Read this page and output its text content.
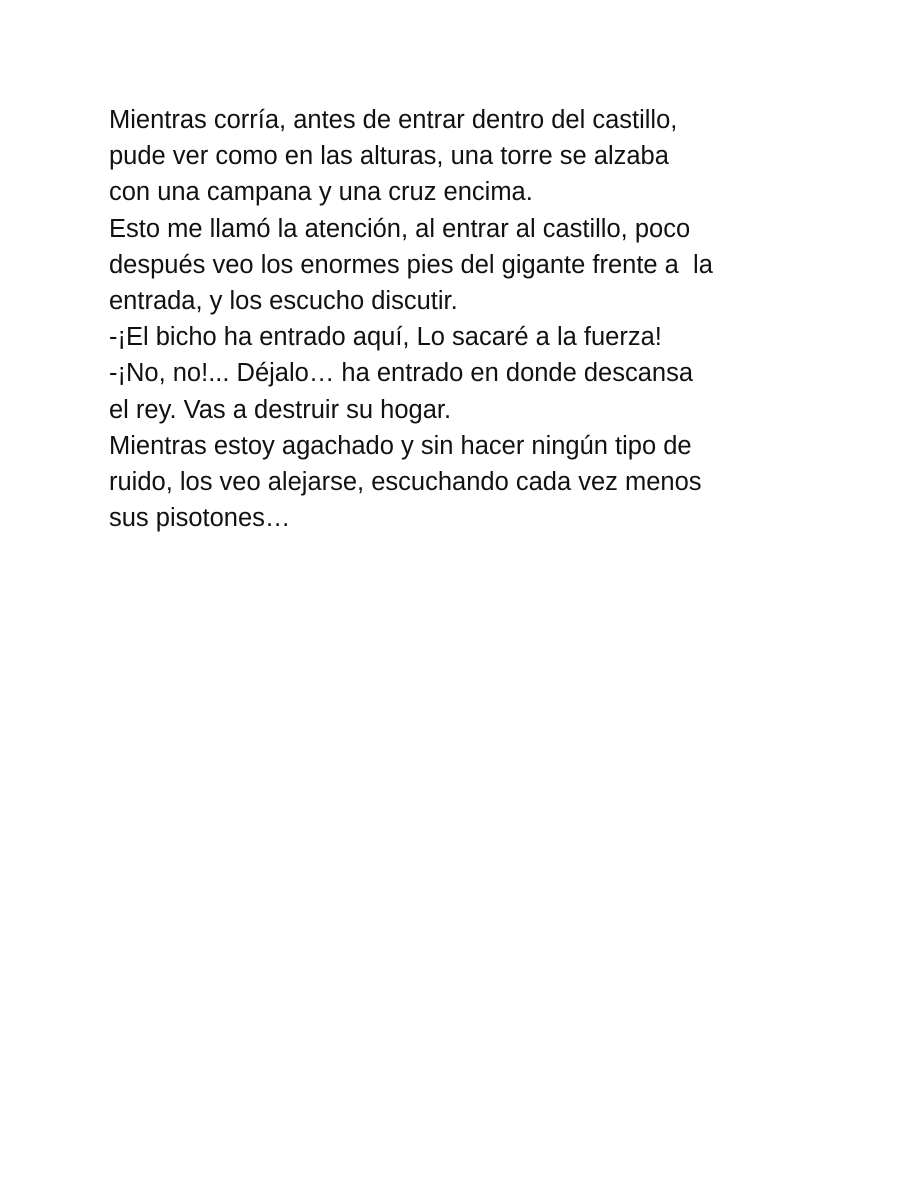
Mientras corría, antes de entrar dentro del castillo,
pude ver como en las alturas, una torre se alzaba
con una campana y una cruz encima.
Esto me llamó la atención, al entrar al castillo, poco
después veo los enormes pies del gigante frente a  la
entrada, y los escucho discutir.
-¡El bicho ha entrado aquí, Lo sacaré a la fuerza!
-¡No, no!... Déjalo… ha entrado en donde descansa
el rey. Vas a destruir su hogar.
Mientras estoy agachado y sin hacer ningún tipo de
ruido, los veo alejarse, escuchando cada vez menos
sus pisotones…
